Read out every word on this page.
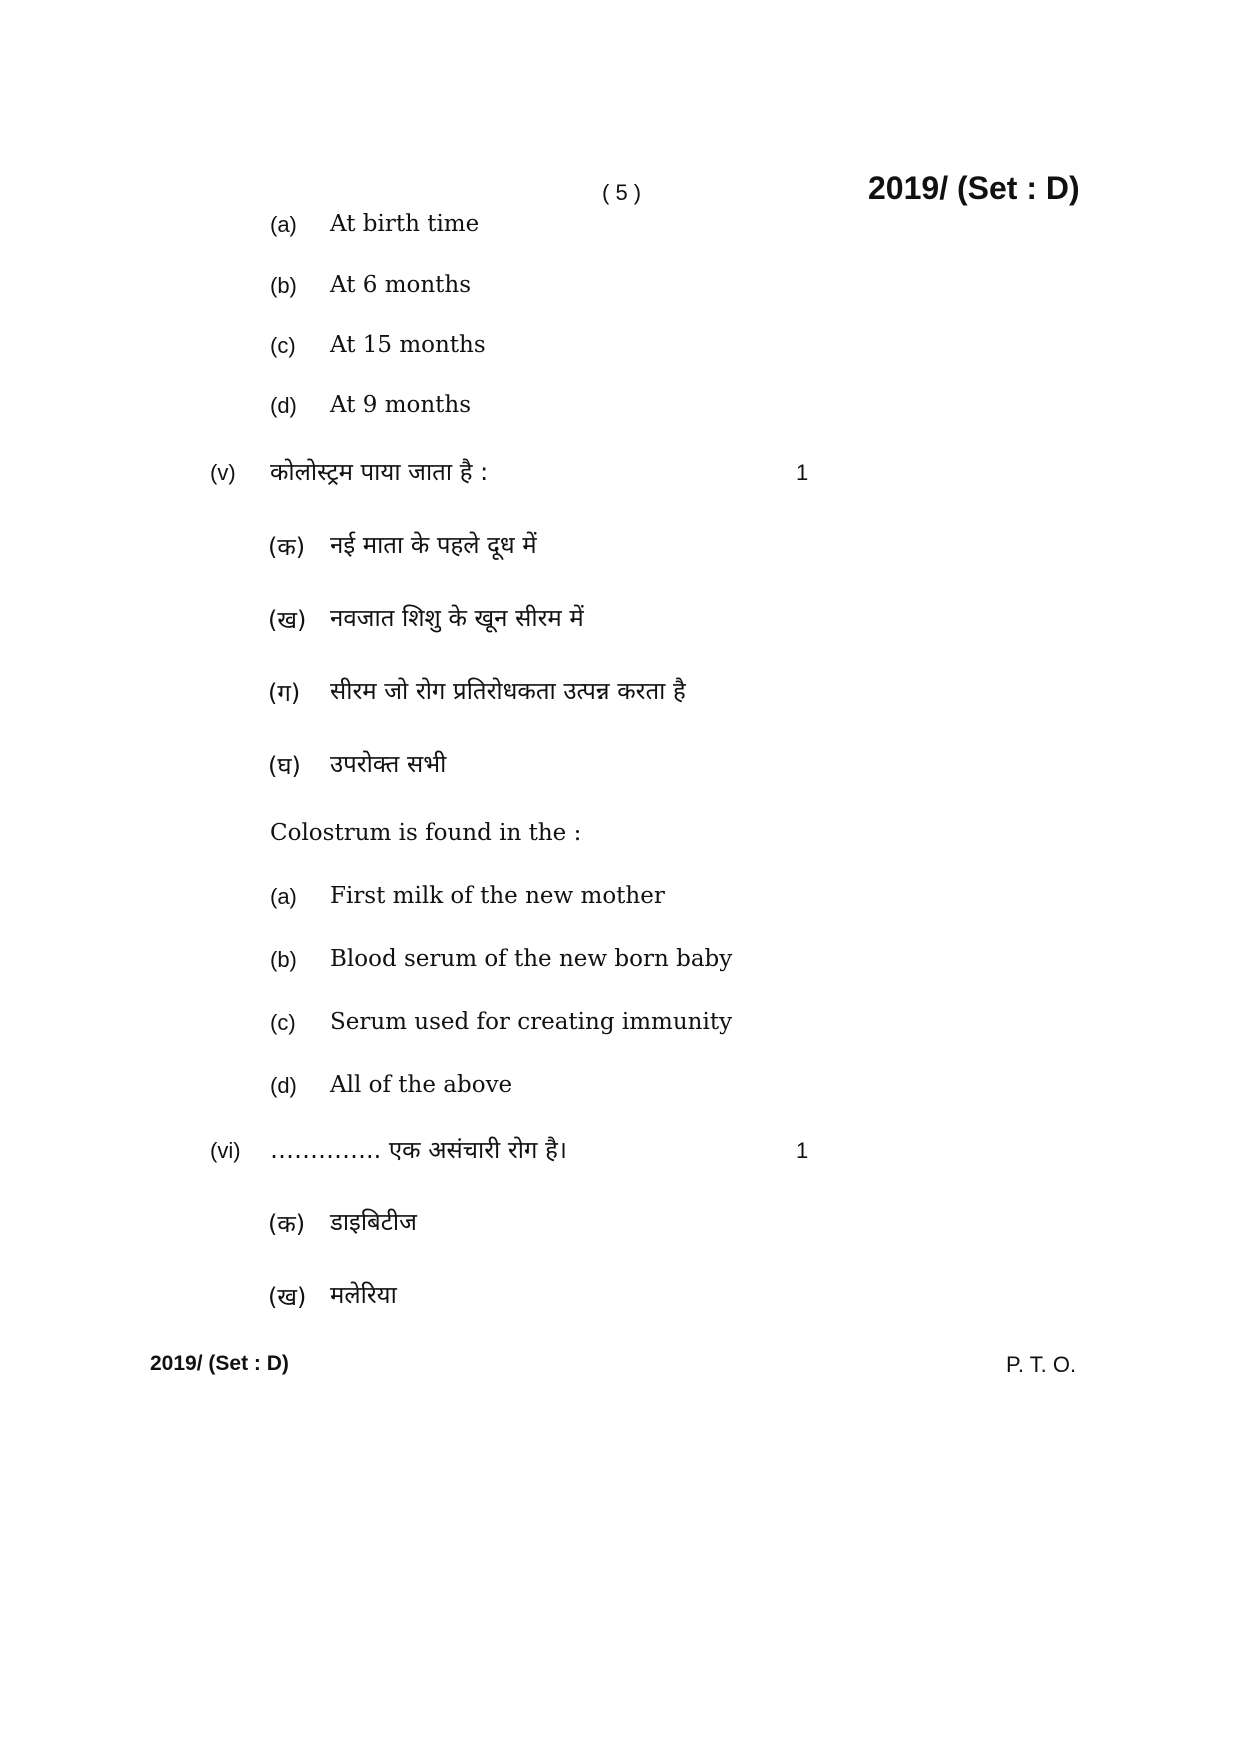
( 5 )	2019/ (Set : D)
(a) At birth time
(b) At 6 months
(c) At 15 months
(d) At 9 months
(v) कोलोस्ट्रम पाया जाता है :	1
(क) नई माता के पहले दूध में
(ख) नवजात शिशु के खून सीरम में
(ग) सीरम जो रोग प्रतिरोधकता उत्पन्न करता है
(घ) उपरोक्त सभी
Colostrum is found in the :
(a) First milk of the new mother
(b) Blood serum of the new born baby
(c) Serum used for creating immunity
(d) All of the above
(vi) ………….. एक असंचारी रोग है।	1
(क) डाइबिटीज
(ख) मलेरिया
2019/ (Set : D)	P. T. O.
